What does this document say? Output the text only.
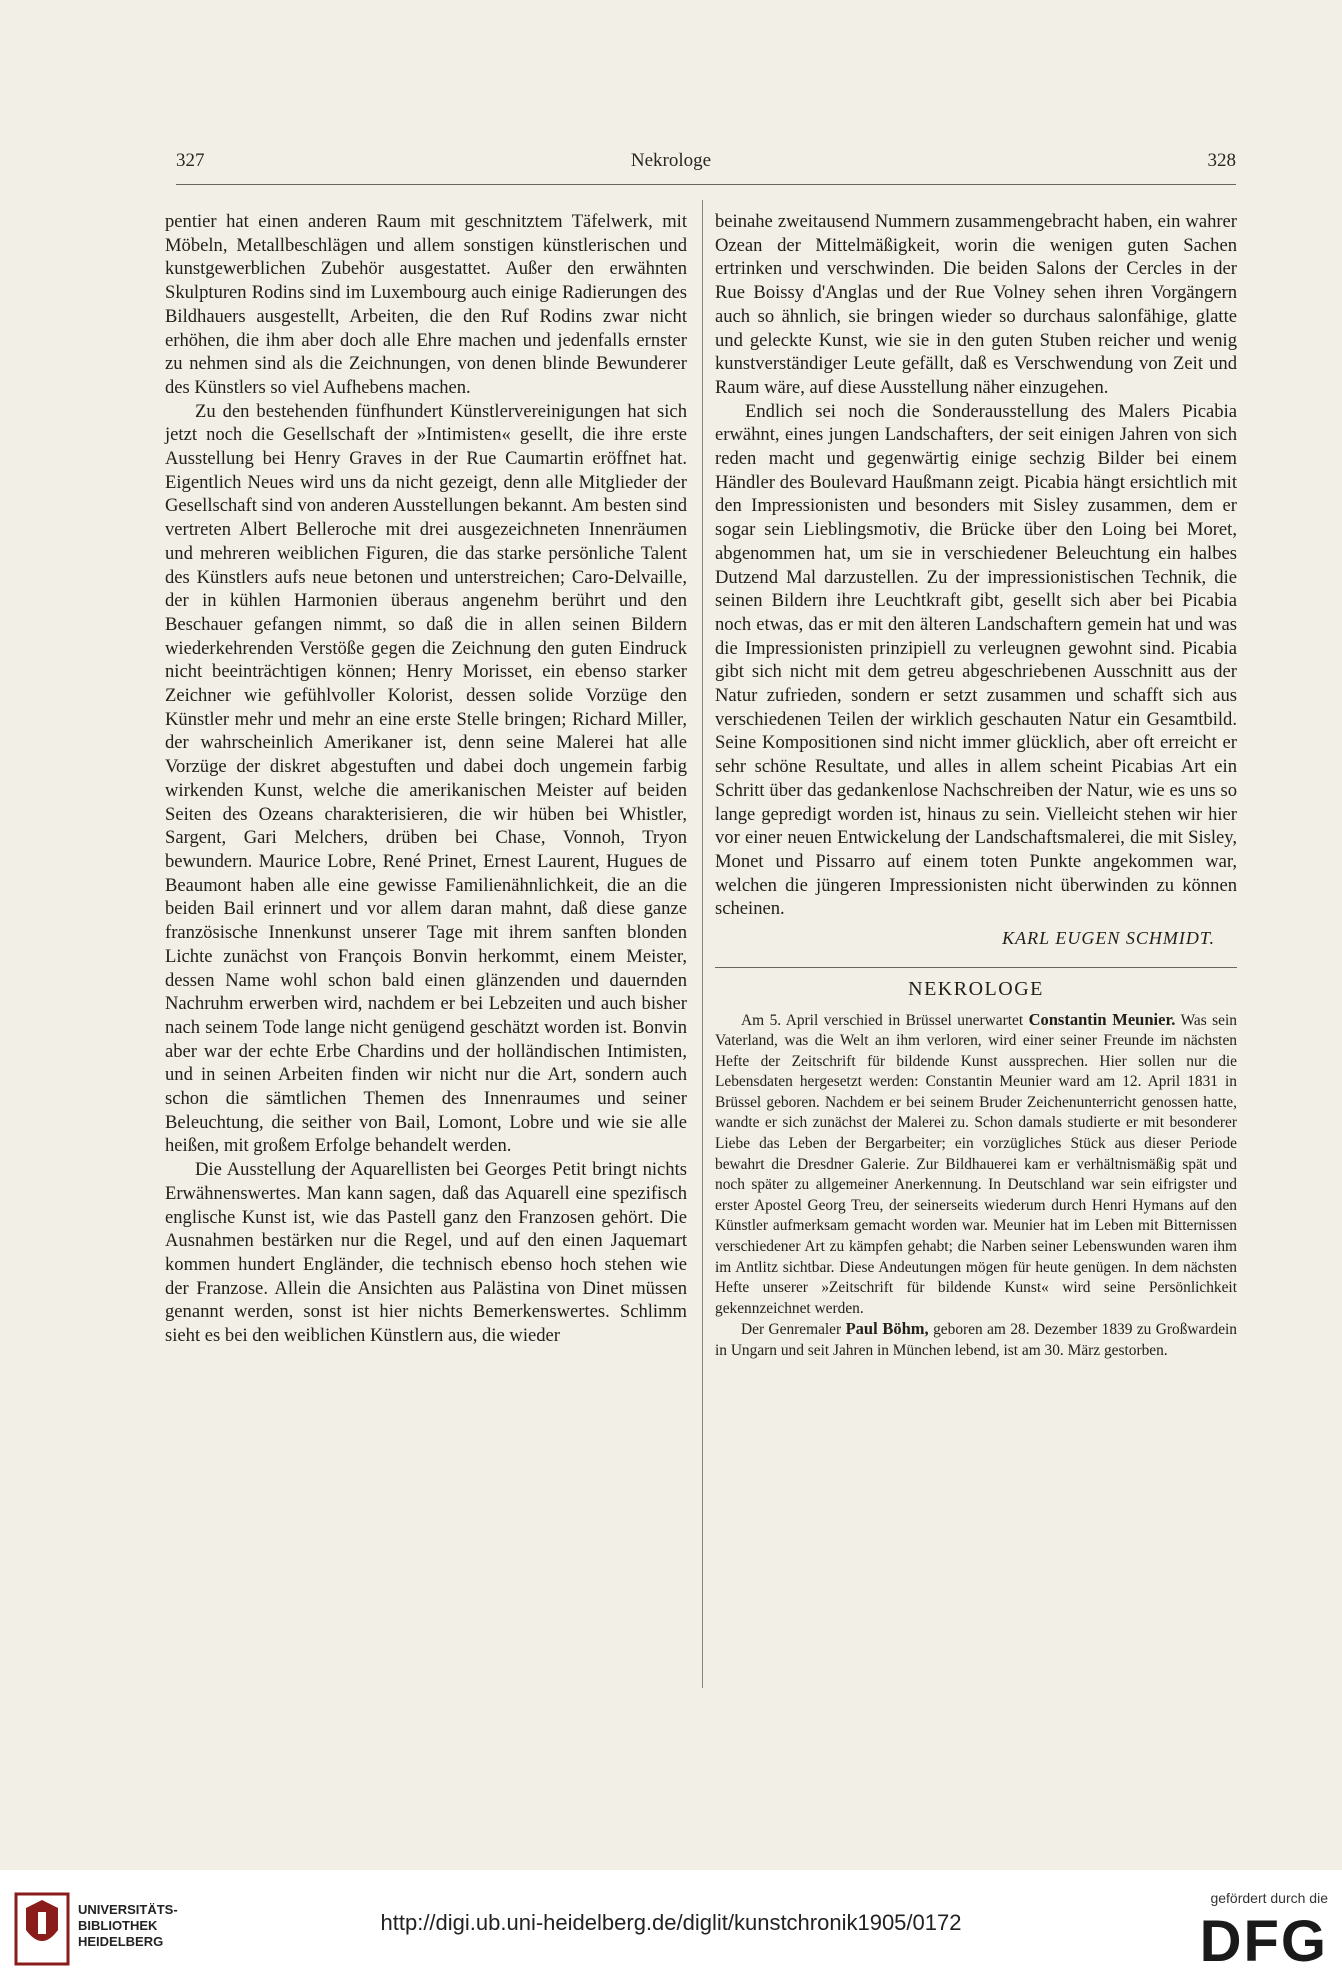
327	Nekrologe	328

pentier hat einen anderen Raum mit geschnitztem Täfelwerk, mit Möbeln, Metallbeschlägen und allem sonstigen künstlerischen und kunstgewerblichen Zubehör ausgestattet. Außer den erwähnten Skulpturen Rodins sind im Luxembourg auch einige Radierungen des Bildhauers ausgestellt, Arbeiten, die den Ruf Rodins zwar nicht erhöhen, die ihm aber doch alle Ehre machen und jedenfalls ernster zu nehmen sind als die Zeichnungen, von denen blinde Bewunderer des Künstlers so viel Aufhebens machen.

Zu den bestehenden fünfhundert Künstlervereinigungen hat sich jetzt noch die Gesellschaft der »Intimisten« gesellt, die ihre erste Ausstellung bei Henry Graves in der Rue Caumartin eröffnet hat. Eigentlich Neues wird uns da nicht gezeigt, denn alle Mitglieder der Gesellschaft sind von anderen Ausstellungen bekannt. Am besten sind vertreten Albert Belleroche mit drei ausgezeichneten Innenräumen und mehreren weiblichen Figuren, die das starke persönliche Talent des Künstlers aufs neue betonen und unterstreichen; Caro-Delvaille, der in kühlen Harmonien überaus angenehm berührt und den Beschauer gefangen nimmt, so daß die in allen seinen Bildern wiederkehrenden Verstöße gegen die Zeichnung den guten Eindruck nicht beeinträchtigen können; Henry Morisset, ein ebenso starker Zeichner wie gefühlvoller Kolorist, dessen solide Vorzüge den Künstler mehr und mehr an eine erste Stelle bringen; Richard Miller, der wahrscheinlich Amerikaner ist, denn seine Malerei hat alle Vorzüge der diskret abgestuften und dabei doch ungemein farbig wirkenden Kunst, welche die amerikanischen Meister auf beiden Seiten des Ozeans charakterisieren, die wir hüben bei Whistler, Sargent, Gari Melchers, drüben bei Chase, Vonnoh, Tryon bewundern. Maurice Lobre, René Prinet, Ernest Laurent, Hugues de Beaumont haben alle eine gewisse Familienähnlichkeit, die an die beiden Bail erinnert und vor allem daran mahnt, daß diese ganze französische Innenkunst unserer Tage mit ihrem sanften blonden Lichte zunächst von François Bonvin herkommt, einem Meister, dessen Name wohl schon bald einen glänzenden und dauernden Nachruhm erwerben wird, nachdem er bei Lebzeiten und auch bisher nach seinem Tode lange nicht genügend geschätzt worden ist. Bonvin aber war der echte Erbe Chardins und der holländischen Intimisten, und in seinen Arbeiten finden wir nicht nur die Art, sondern auch schon die sämtlichen Themen des Innenraumes und seiner Beleuchtung, die seither von Bail, Lomont, Lobre und wie sie alle heißen, mit großem Erfolge behandelt werden.

Die Ausstellung der Aquarellisten bei Georges Petit bringt nichts Erwähnenswertes. Man kann sagen, daß das Aquarell eine spezifisch englische Kunst ist, wie das Pastell ganz den Franzosen gehört. Die Ausnahmen bestärken nur die Regel, und auf den einen Jaquemart kommen hundert Engländer, die technisch ebenso hoch stehen wie der Franzose. Allein die Ansichten aus Palästina von Dinet müssen genannt werden, sonst ist hier nichts Bemerkenswertes. Schlimm sieht es bei den weiblichen Künstlern aus, die wieder

beinahe zweitausend Nummern zusammengebracht haben, ein wahrer Ozean der Mittelmäßigkeit, worin die wenigen guten Sachen ertrinken und verschwinden. Die beiden Salons der Cercles in der Rue Boissy d'Anglas und der Rue Volney sehen ihren Vorgängern auch so ähnlich, sie bringen wieder so durchaus salonfähige, glatte und geleckte Kunst, wie sie in den guten Stuben reicher und wenig kunstverständiger Leute gefällt, daß es Verschwendung von Zeit und Raum wäre, auf diese Ausstellung näher einzugehen.

Endlich sei noch die Sonderausstellung des Malers Picabia erwähnt, eines jungen Landschafters, der seit einigen Jahren von sich reden macht und gegenwärtig einige sechzig Bilder bei einem Händler des Boulevard Haußmann zeigt. Picabia hängt ersichtlich mit den Impressionisten und besonders mit Sisley zusammen, dem er sogar sein Lieblingsmotiv, die Brücke über den Loing bei Moret, abgenommen hat, um sie in verschiedener Beleuchtung ein halbes Dutzend Mal darzustellen. Zu der impressionistischen Technik, die seinen Bildern ihre Leuchtkraft gibt, gesellt sich aber bei Picabia noch etwas, das er mit den älteren Landschaftern gemein hat und was die Impressionisten prinzipiell zu verleugnen gewohnt sind. Picabia gibt sich nicht mit dem getreu abgeschriebenen Ausschnitt aus der Natur zufrieden, sondern er setzt zusammen und schafft sich aus verschiedenen Teilen der wirklich geschauten Natur ein Gesamtbild. Seine Kompositionen sind nicht immer glücklich, aber oft erreicht er sehr schöne Resultate, und alles in allem scheint Picabias Art ein Schritt über das gedankenlose Nachschreiben der Natur, wie es uns so lange gepredigt worden ist, hinaus zu sein. Vielleicht stehen wir hier vor einer neuen Entwickelung der Landschaftsmalerei, die mit Sisley, Monet und Pissarro auf einem toten Punkte angekommen war, welchen die jüngeren Impressionisten nicht überwinden zu können scheinen.

KARL EUGEN SCHMIDT.
NEKROLOGE

Am 5. April verschied in Brüssel unerwartet Constantin Meunier. Was sein Vaterland, was die Welt an ihm verloren, wird einer seiner Freunde im nächsten Hefte der Zeitschrift für bildende Kunst aussprechen. Hier sollen nur die Lebensdaten hergesetzt werden: Constantin Meunier ward am 12. April 1831 in Brüssel geboren. Nachdem er bei seinem Bruder Zeichenunterricht genossen hatte, wandte er sich zunächst der Malerei zu. Schon damals studierte er mit besonderer Liebe das Leben der Bergarbeiter; ein vorzügliches Stück aus dieser Periode bewahrt die Dresdner Galerie. Zur Bildhauerei kam er verhältnismäßig spät und noch später zu allgemeiner Anerkennung. In Deutschland war sein eifrigster und erster Apostel Georg Treu, der seinerseits wiederum durch Henri Hymans auf den Künstler aufmerksam gemacht worden war. Meunier hat im Leben mit Bitternissen verschiedener Art zu kämpfen gehabt; die Narben seiner Lebenswunden waren ihm im Antlitz sichtbar. Diese Andeutungen mögen für heute genügen. In dem nächsten Hefte unserer »Zeitschrift für bildende Kunst« wird seine Persönlichkeit gekennzeichnet werden.

Der Genremaler Paul Böhm, geboren am 28. Dezember 1839 zu Großwardein in Ungarn und seit Jahren in München lebend, ist am 30. März gestorben.

UNIVERSITÄTS-
BIBLIOTHEK
HEIDELBERG
http://digi.ub.uni-heidelberg.de/diglit/kunstchronik1905/0172
gefördert durch die
DFG
